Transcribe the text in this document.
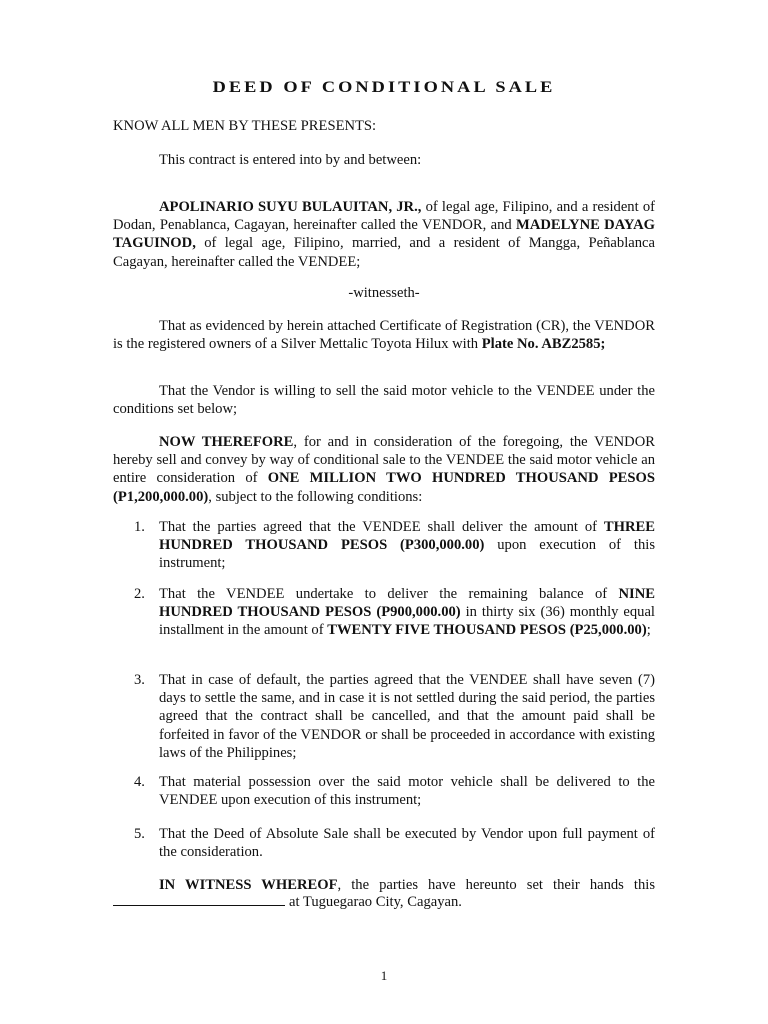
DEED OF CONDITIONAL SALE
KNOW ALL MEN BY THESE PRESENTS:
This contract is entered into by and between:
APOLINARIO SUYU BULAUITAN, JR., of legal age, Filipino, and a resident of Dodan, Penablanca, Cagayan, hereinafter called the VENDOR, and MADELYNE DAYAG TAGUINOD, of legal age, Filipino, married, and a resident of Mangga, Peñablanca Cagayan, hereinafter called the VENDEE;
-witnesseth-
That as evidenced by herein attached Certificate of Registration (CR), the VENDOR is the registered owners of a Silver Mettalic Toyota Hilux with Plate No. ABZ2585;
That the Vendor is willing to sell the said motor vehicle to the VENDEE under the conditions set below;
NOW THEREFORE, for and in consideration of the foregoing, the VENDOR hereby sell and convey by way of conditional sale to the VENDEE the said motor vehicle an entire consideration of ONE MILLION TWO HUNDRED THOUSAND PESOS (P1,200,000.00), subject to the following conditions:
1. That the parties agreed that the VENDEE shall deliver the amount of THREE HUNDRED THOUSAND PESOS (P300,000.00) upon execution of this instrument;
2. That the VENDEE undertake to deliver the remaining balance of NINE HUNDRED THOUSAND PESOS (P900,000.00) in thirty six (36) monthly equal installment in the amount of TWENTY FIVE THOUSAND PESOS (P25,000.00);
3. That in case of default, the parties agreed that the VENDEE shall have seven (7) days to settle the same, and in case it is not settled during the said period, the parties agreed that the contract shall be cancelled, and that the amount paid shall be forfeited in favor of the VENDOR or shall be proceeded in accordance with existing laws of the Philippines;
4. That material possession over the said motor vehicle shall be delivered to the VENDEE upon execution of this instrument;
5. That the Deed of Absolute Sale shall be executed by Vendor upon full payment of the consideration.
IN WITNESS WHEREOF, the parties have hereunto set their hands this
at Tuguegarao City, Cagayan.
1
